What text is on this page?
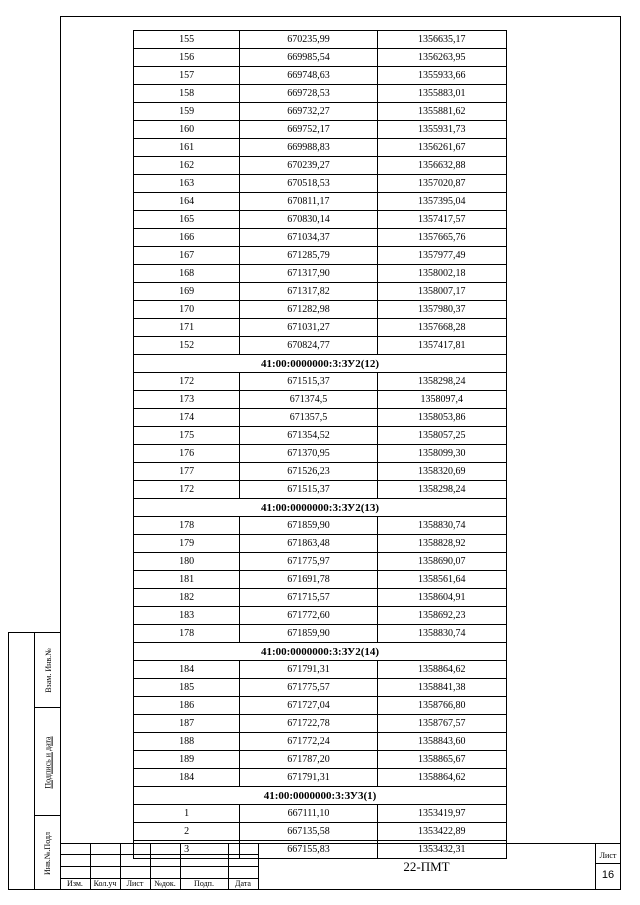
Взам. Инв.№
Подпись и дата
Инв.№.Подл
155	670235,99	1356635,17
156	669985,54	1356263,95
157	669748,63	1355933,66
158	669728,53	1355883,01
159	669732,27	1355881,62
160	669752,17	1355931,73
161	669988,83	1356261,67
162	670239,27	1356632,88
163	670518,53	1357020,87
164	670811,17	1357395,04
165	670830,14	1357417,57
166	671034,37	1357665,76
167	671285,79	1357977,49
168	671317,90	1358002,18
169	671317,82	1358007,17
170	671282,98	1357980,37
171	671031,27	1357668,28
152	670824,77	1357417,81
41:00:0000000:3:ЗУ2(12)		
172	671515,37	1358298,24
173	671374,5	1358097,4
174	671357,5	1358053,86
175	671354,52	1358057,25
176	671370,95	1358099,30
177	671526,23	1358320,69
172	671515,37	1358298,24
41:00:0000000:3:ЗУ2(13)		
178	671859,90	1358830,74
179	671863,48	1358828,92
180	671775,97	1358690,07
181	671691,78	1358561,64
182	671715,57	1358604,91
183	671772,60	1358692,23
178	671859,90	1358830,74
41:00:0000000:3:ЗУ2(14)		
184	671791,31	1358864,62
185	671775,57	1358841,38
186	671727,04	1358766,80
187	671722,78	1358767,57
188	671772,24	1358843,60
189	671787,20	1358865,67
184	671791,31	1358864,62
41:00:0000000:3:ЗУ3(1)		
1	667111,10	1353419,97
2	667135,58	1353422,89
3	667155,83	1353432,31
Изм.	Кол.уч	Лист	№док.	Подп.	Дата
22-ПМТ
Лист
16
